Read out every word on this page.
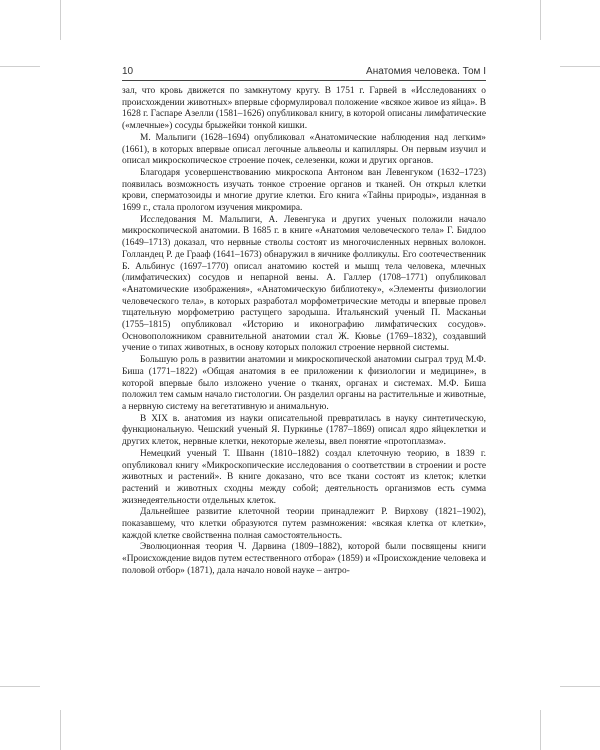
10	Анатомия человека. Том I

зал, что кровь движется по замкнутому кругу. В 1751 г. Гарвей в «Исследованиях о происхождении животных» впервые сформулировал положение «всякое живое из яйца». В 1628 г. Гаспаре Азелли (1581–1626) опубликовал книгу, в которой описаны лимфатические («млечные») сосуды брыжейки тонкой кишки.

М. Мальпиги (1628–1694) опубликовал «Анатомические наблюдения над легким» (1661), в которых впервые описал легочные альвеолы и капилляры. Он первым изучил и описал микроскопическое строение почек, селезенки, кожи и других органов.

Благодаря усовершенствованию микроскопа Антоном ван Левенгуком (1632–1723) появилась возможность изучать тонкое строение органов и тканей. Он открыл клетки крови, сперматозоиды и многие другие клетки. Его книга «Тайны природы», изданная в 1699 г., стала прологом изучения микромира.

Исследования М. Мальпиги, А. Левенгука и других ученых положили начало микроскопической анатомии. В 1685 г. в книге «Анатомия человеческого тела» Г. Бидлоо (1649–1713) доказал, что нервные стволы состоят из многочисленных нервных волокон. Голландец Р. де Грааф (1641–1673) обнаружил в яичнике фолликулы. Его соотечественник Б. Альбинус (1697–1770) описал анатомию костей и мышц тела человека, млечных (лимфатических) сосудов и непарной вены. А. Галлер (1708–1771) опубликовал «Анатомические изображения», «Анатомическую библиотеку», «Элементы физиологии человеческого тела», в которых разработал морфометрические методы и впервые провел тщательную морфометрию растущего зародыша. Итальянский ученый П. Масканьи (1755–1815) опубликовал «Историю и иконографию лимфатических сосудов». Основоположником сравнительной анатомии стал Ж. Кювье (1769–1832), создавший учение о типах животных, в основу которых положил строение нервной системы.

Большую роль в развитии анатомии и микроскопической анатомии сыграл труд М.Ф. Биша (1771–1822) «Общая анатомия в ее приложении к физиологии и медицине», в которой впервые было изложено учение о тканях, органах и системах. М.Ф. Биша положил тем самым начало гистологии. Он разделил органы на растительные и животные, а нервную систему на вегетативную и анимальную.

В XIX в. анатомия из науки описательной превратилась в науку синтетическую, функциональную. Чешский ученый Я. Пуркинье (1787–1869) описал ядро яйцеклетки и других клеток, нервные клетки, некоторые железы, ввел понятие «протоплазма».

Немецкий ученый Т. Шванн (1810–1882) создал клеточную теорию, в 1839 г. опубликовал книгу «Микроскопические исследования о соответствии в строении и росте животных и растений». В книге доказано, что все ткани состоят из клеток; клетки растений и животных сходны между собой; деятельность организмов есть сумма жизнедеятельности отдельных клеток.

Дальнейшее развитие клеточной теории принадлежит Р. Вирхову (1821–1902), показавшему, что клетки образуются путем размножения: «всякая клетка от клетки», каждой клетке свойственна полная самостоятельность.

Эволюционная теория Ч. Дарвина (1809–1882), которой были посвящены книги «Происхождение видов путем естественного отбора» (1859) и «Происхождение человека и половой отбор» (1871), дала начало новой науке – антро-
